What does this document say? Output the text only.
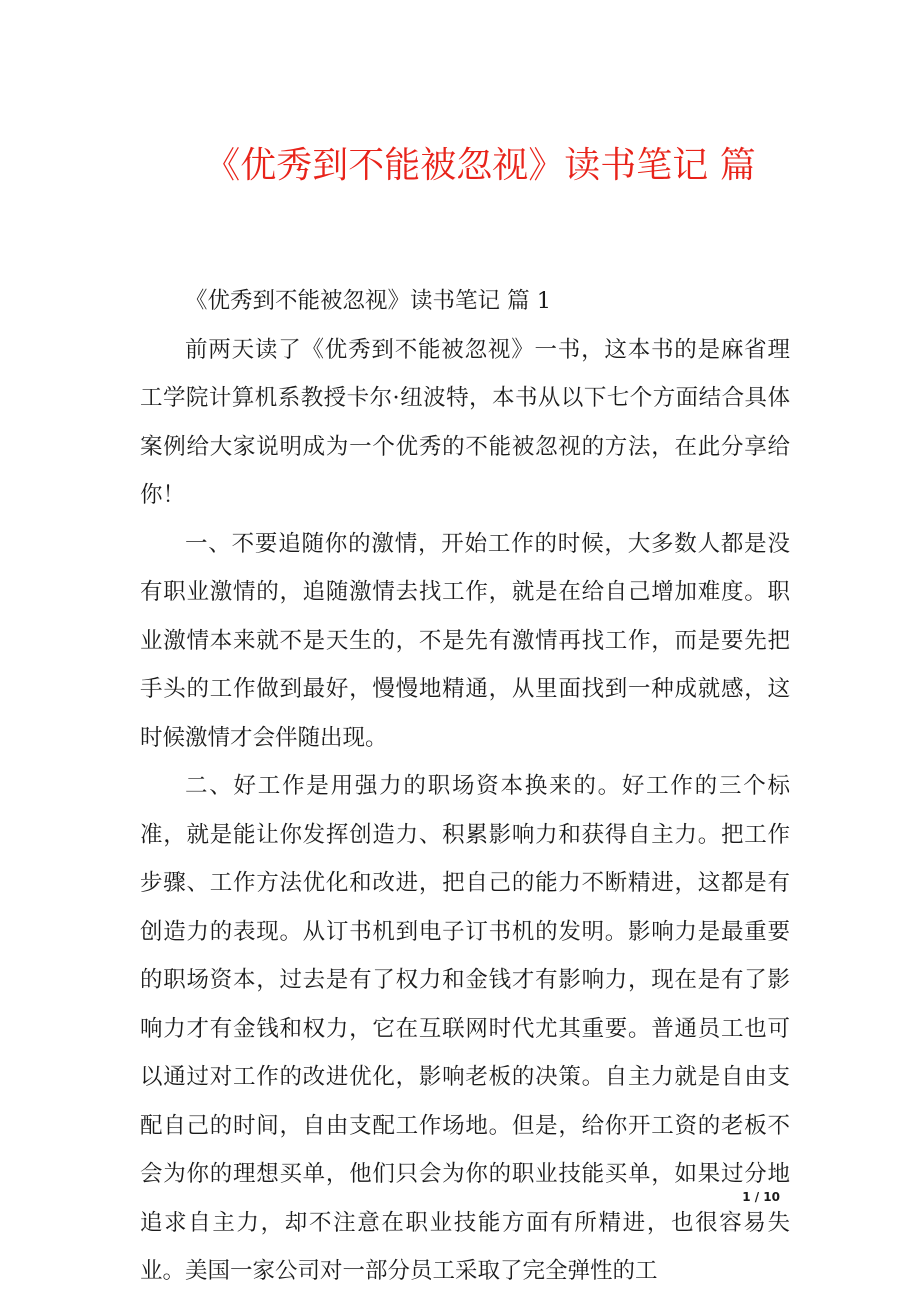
《优秀到不能被忽视》读书笔记 篇

《优秀到不能被忽视》读书笔记 篇 1

前两天读了《优秀到不能被忽视》一书，这本书的是麻省理工学院计算机系教授卡尔·纽波特，本书从以下七个方面结合具体案例给大家说明成为一个优秀的不能被忽视的方法，在此分享给你！

一、不要追随你的激情，开始工作的时候，大多数人都是没有职业激情的，追随激情去找工作，就是在给自己增加难度。职业激情本来就不是天生的，不是先有激情再找工作，而是要先把手头的工作做到最好，慢慢地精通，从里面找到一种成就感，这时候激情才会伴随出现。

二、好工作是用强力的职场资本换来的。好工作的三个标准，就是能让你发挥创造力、积累影响力和获得自主力。把工作步骤、工作方法优化和改进，把自己的能力不断精进，这都是有创造力的表现。从订书机到电子订书机的发明。影响力是最重要的职场资本，过去是有了权力和金钱才有影响力，现在是有了影响力才有金钱和权力，它在互联网时代尤其重要。普通员工也可以通过对工作的改进优化，影响老板的决策。自主力就是自由支配自己的时间，自由支配工作场地。但是，给你开工资的老板不会为你的理想买单，他们只会为你的职业技能买单，如果过分地追求自主力，却不注意在职业技能方面有所精进，也很容易失业。美国一家公司对一部分员工采取了完全弹性的工

1 / 10
